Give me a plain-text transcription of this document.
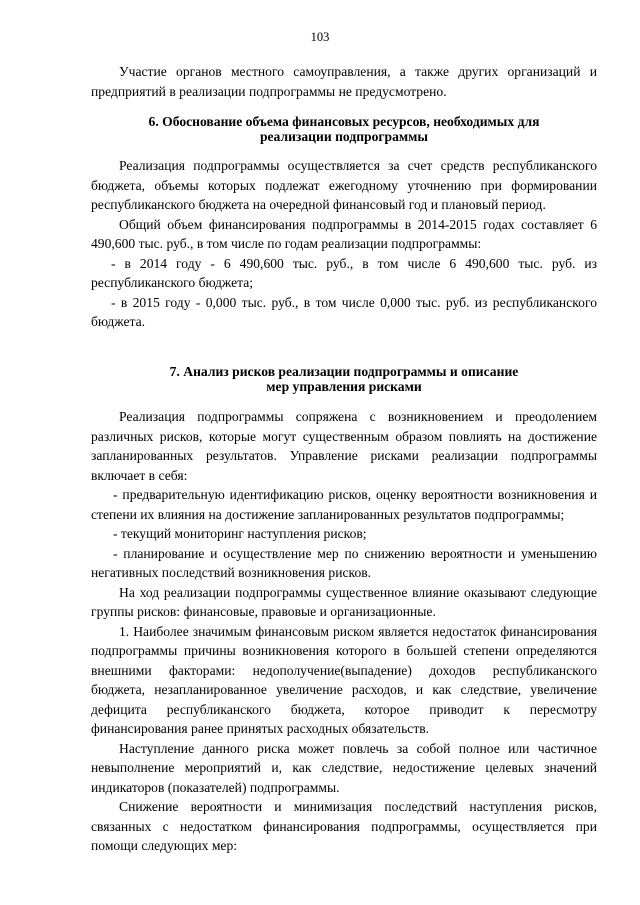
103

Участие органов местного самоуправления, а также других организаций и предприятий в реализации подпрограммы не предусмотрено.

6. Обоснование объема финансовых ресурсов, необходимых для
реализации подпрограммы

Реализация подпрограммы осуществляется за счет средств республиканского бюджета, объемы которых подлежат ежегодному уточнению при формировании республиканского бюджета на очередной финансовый год и плановый период.

Общий объем финансирования подпрограммы в 2014-2015 годах составляет 6 490,600 тыс. руб., в том числе по годам реализации подпрограммы:

- в 2014 году - 6 490,600 тыс. руб., в том числе 6 490,600 тыс. руб. из республиканского бюджета;

- в 2015 году - 0,000 тыс. руб., в том числе 0,000 тыс. руб. из республиканского бюджета.

7. Анализ рисков реализации подпрограммы и описание
мер управления рисками

Реализация подпрограммы сопряжена с возникновением и преодолением различных рисков, которые могут существенным образом повлиять на достижение запланированных результатов. Управление рисками реализации подпрограммы включает в себя:

- предварительную идентификацию рисков, оценку вероятности возникновения и степени их влияния на достижение запланированных результатов подпрограммы;

- текущий мониторинг наступления рисков;

- планирование и осуществление мер по снижению вероятности и уменьшению негативных последствий возникновения рисков.

На ход реализации подпрограммы существенное влияние оказывают следующие группы рисков: финансовые, правовые и организационные.

1. Наиболее значимым финансовым риском является недостаток финансирования подпрограммы причины возникновения которого в большей степени определяются внешними факторами: недополучение(выпадение) доходов республиканского бюджета, незапланированное увеличение расходов, и как следствие, увеличение дефицита республиканского бюджета, которое приводит к пересмотру финансирования ранее принятых расходных обязательств.

Наступление данного риска может повлечь за собой полное или частичное невыполнение мероприятий и, как следствие, недостижение целевых значений индикаторов (показателей) подпрограммы.

Снижение вероятности и минимизация последствий наступления рисков, связанных с недостатком финансирования подпрограммы, осуществляется при помощи следующих мер:
